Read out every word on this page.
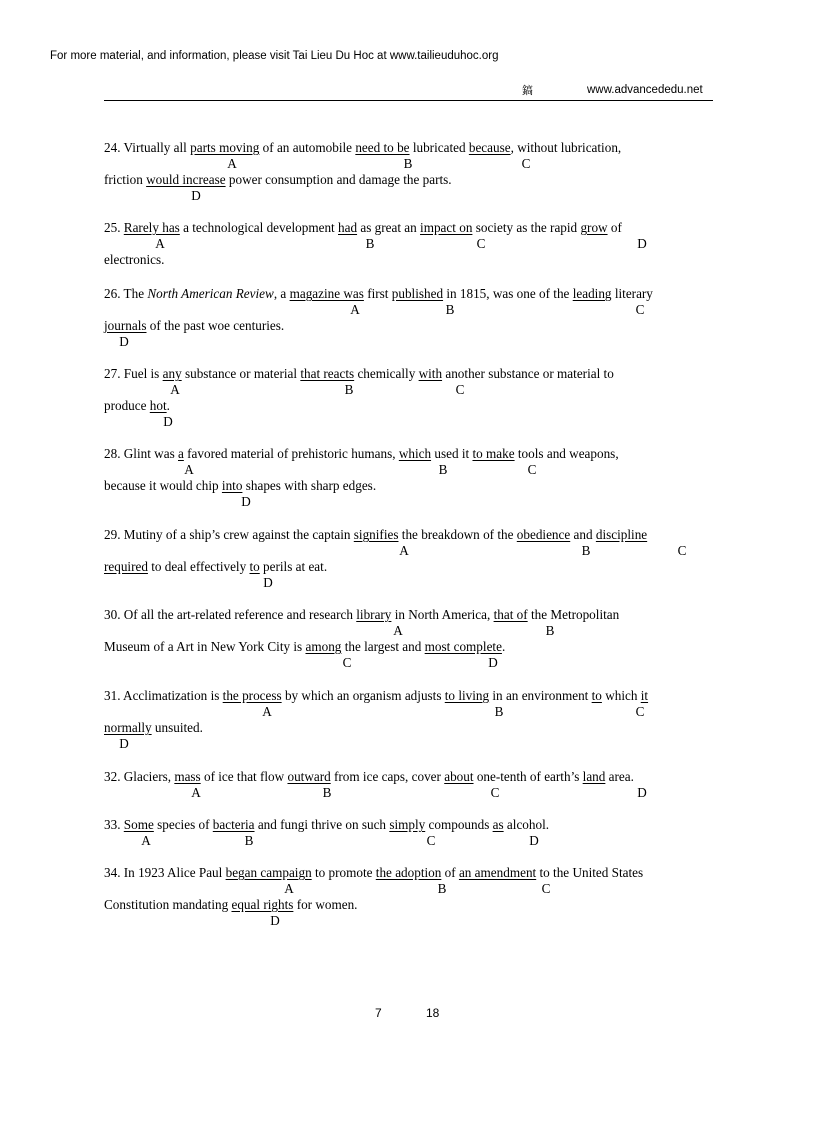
For more material, and information, please visit Tai Lieu Du Hoc at www.tailieuduhoc.org
鎬	www.advancededu.net
24. Virtually all parts moving of an automobile need to be lubricated because, without lubrication,
A	B	C
friction would increase power consumption and damage the parts.
D
25. Rarely has a technological development had as great an impact on society as the rapid grow of
A	B	C	D
electronics.
26. The North American Review, a magazine was first published in 1815, was one of the leading literary
A	B	C
journals of the past woe centuries.
D
27. Fuel is any substance or material that reacts chemically with another substance or material to
A	B	C
produce hot.
D
28. Glint was a favored material of prehistoric humans, which used it to make tools and weapons,
A	B	C
because it would chip into shapes with sharp edges.
D
29. Mutiny of a ship’s crew against the captain signifies the breakdown of the obedience and discipline
A	B	C
required to deal effectively to perils at eat.
D
30. Of all the art-related reference and research library in North America, that of the Metropolitan
A	B
Museum of a Art in New York City is among the largest and most complete.
C	D
31. Acclimatization is the process by which an organism adjusts to living in an environment to which it
A	B	C
normally unsuited.
D
32. Glaciers, mass of ice that flow outward from ice caps, cover about one-tenth of earth’s land area.
A	B	C	D
33. Some species of bacteria and fungi thrive on such simply compounds as alcohol.
A	B	C	D
34. In 1923 Alice Paul began campaign to promote the adoption of an amendment to the United States
A	B	C
Constitution mandating equal rights for women.
D
7	18
